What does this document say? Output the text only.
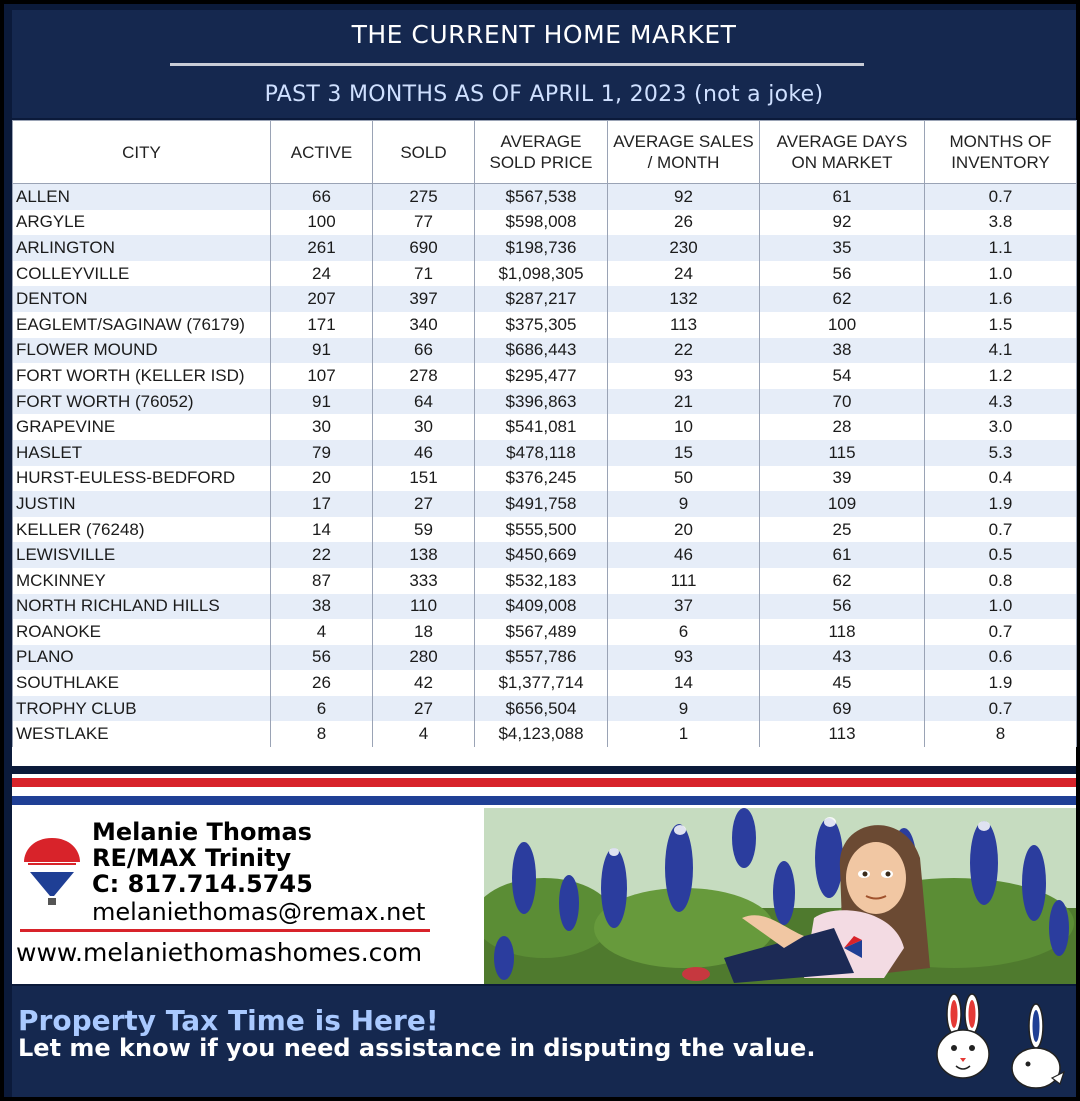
THE CURRENT HOME MARKET
PAST 3 MONTHS AS OF APRIL 1, 2023 (not a joke)
CITY	ACTIVE	SOLD	AVERAGE SOLD PRICE	AVERAGE SALES / MONTH	AVERAGE DAYS ON MARKET	MONTHS OF INVENTORY
ALLEN	66	275	$567,538	92	61	0.7
ARGYLE	100	77	$598,008	26	92	3.8
ARLINGTON	261	690	$198,736	230	35	1.1
COLLEYVILLE	24	71	$1,098,305	24	56	1.0
DENTON	207	397	$287,217	132	62	1.6
EAGLEMT/SAGINAW (76179)	171	340	$375,305	113	100	1.5
FLOWER MOUND	91	66	$686,443	22	38	4.1
FORT WORTH (KELLER ISD)	107	278	$295,477	93	54	1.2
FORT WORTH (76052)	91	64	$396,863	21	70	4.3
GRAPEVINE	30	30	$541,081	10	28	3.0
HASLET	79	46	$478,118	15	115	5.3
HURST-EULESS-BEDFORD	20	151	$376,245	50	39	0.4
JUSTIN	17	27	$491,758	9	109	1.9
KELLER (76248)	14	59	$555,500	20	25	0.7
LEWISVILLE	22	138	$450,669	46	61	0.5
MCKINNEY	87	333	$532,183	111	62	0.8
NORTH RICHLAND HILLS	38	110	$409,008	37	56	1.0
ROANOKE	4	18	$567,489	6	118	0.7
PLANO	56	280	$557,786	93	43	0.6
SOUTHLAKE	26	42	$1,377,714	14	45	1.9
TROPHY CLUB	6	27	$656,504	9	69	0.7
WESTLAKE	8	4	$4,123,088	1	113	8
Melanie Thomas
RE/MAX Trinity
C: 817.714.5745
melaniethomas@remax.net
www.melaniethomashomes.com
Property Tax Time is Here!
Let me know if you need assistance in disputing the value.
